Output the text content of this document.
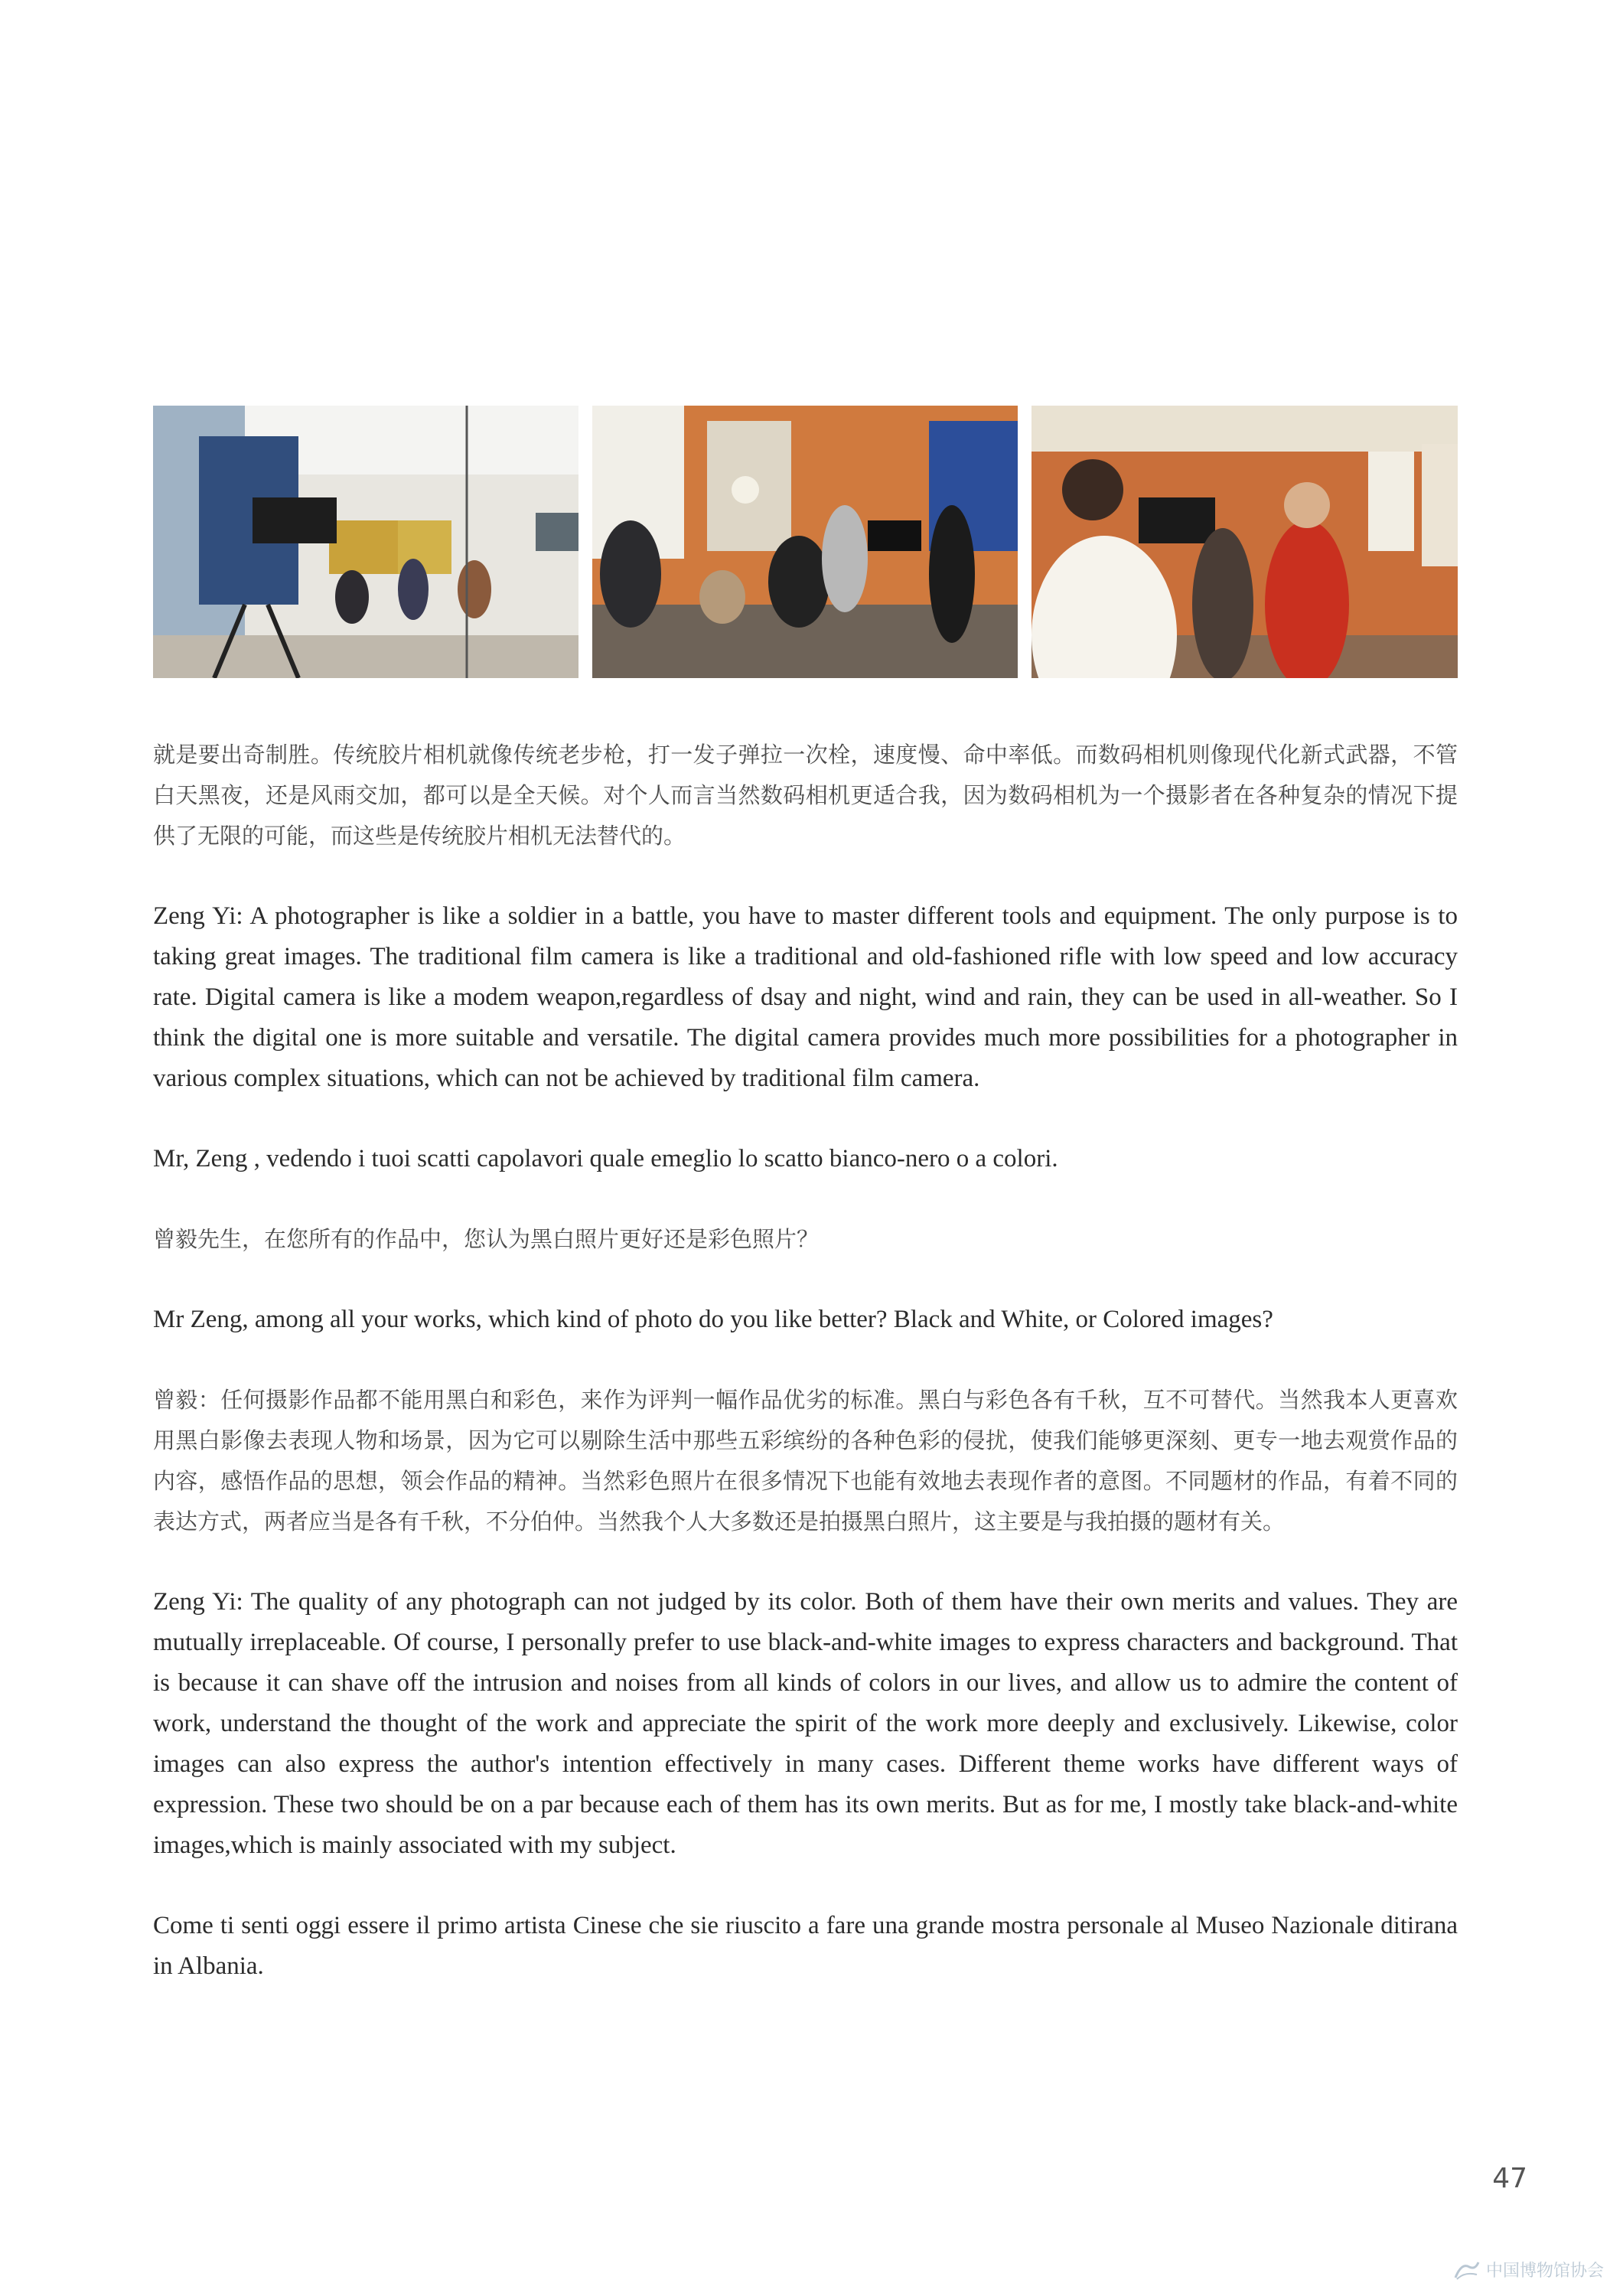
就是要出奇制胜。传统胶片相机就像传统老步枪，打一发子弹拉一次栓，速度慢、命中率低。而数码相机则像现代化新式武器，不管白天黑夜，还是风雨交加，都可以是全天候。对个人而言当然数码相机更适合我，因为数码相机为一个摄影者在各种复杂的情况下提供了无限的可能，而这些是传统胶片相机无法替代的。

Zeng Yi: A photographer is like a soldier in a battle, you have to master different tools and equipment. The only purpose is to taking great images. The traditional film camera is like a traditional and old-fashioned rifle with low speed and low accuracy rate. Digital camera is like a modem weapon,regardless of dsay and night, wind and rain, they can be used in all-weather. So I think the digital one is more suitable and versatile. The digital camera provides much more possibilities for a photographer in various complex situations, which can not be achieved by traditional film camera.

Mr, Zeng , vedendo i tuoi scatti capolavori quale emeglio lo scatto bianco-nero o a colori.

曾毅先生，在您所有的作品中，您认为黑白照片更好还是彩色照片？

Mr Zeng, among all your works, which kind of photo do you like better? Black and White, or Colored images?

曾毅：任何摄影作品都不能用黑白和彩色，来作为评判一幅作品优劣的标准。黑白与彩色各有千秋，互不可替代。当然我本人更喜欢用黑白影像去表现人物和场景，因为它可以剔除生活中那些五彩缤纷的各种色彩的侵扰，使我们能够更深刻、更专一地去观赏作品的内容，感悟作品的思想，领会作品的精神。当然彩色照片在很多情况下也能有效地去表现作者的意图。不同题材的作品，有着不同的表达方式，两者应当是各有千秋，不分伯仲。当然我个人大多数还是拍摄黑白照片，这主要是与我拍摄的题材有关。

Zeng Yi: The quality of any photograph can not judged by its color. Both of them have their own merits and values. They are mutually irreplaceable. Of course, I personally prefer to use black-and-white images to express characters and background. That is because it can shave off the intrusion and noises from all kinds of colors in our lives, and allow us to admire the content of work, understand the thought of the work and appreciate the spirit of the work more deeply and exclusively. Likewise, color images can also express the author's intention effectively in many cases. Different theme works have different ways of expression. These two should be on a par because each of them has its own merits. But as for me, I mostly take black-and-white images,which is mainly associated with my subject.

Come ti senti oggi essere il primo artista Cinese che sie riuscito a fare una grande mostra personale al Museo Nazionale ditirana in Albania.

47
中国博物馆协会
